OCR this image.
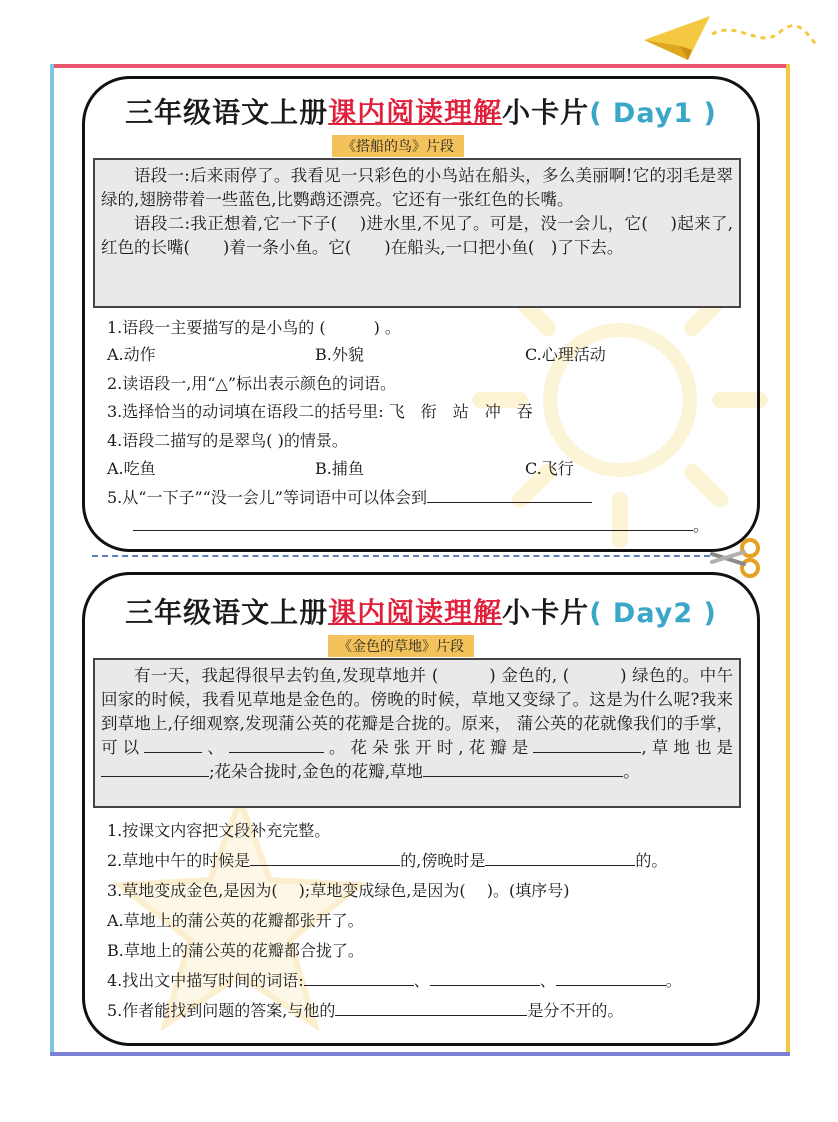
三年级语文上册课内阅读理解小卡片( Day1 )
《搭船的鸟》片段

语段一:后来雨停了。我看见一只彩色的小鸟站在船头，多么美丽啊!它的羽毛是翠绿的,翅膀带着一些蓝色,比鹦鹉还漂亮。它还有一张红色的长嘴。

语段二:我正想着,它一下子(　 )进水里,不见了。可是，没一会儿，它(　 )起来了,红色的长嘴(　　)着一条小鱼。它(　　)在船头,一口把小鱼(　)了下去。

1.语段一主要描写的是小鸟的 (　　　) 。
A.动作	B.外貌	C.心理活动
2.读语段一,用“△”标出表示颜色的词语。
3.选择恰当的动词填在语段二的括号里: 飞　衔　站　冲　吞
4.语段二描写的是翠鸟( )的情景。
A.吃鱼	B.捕鱼	C.飞行
5.从“一下子”“没一会儿”等词语中可以体会到
。
三年级语文上册课内阅读理解小卡片( Day2 )
《金色的草地》片段

有一天，我起得很早去钓鱼,发现草地并 (　　　) 金色的, (　　　) 绿色的。中午回家的时候，我看见草地是金色的。傍晚的时候，草地又变绿了。这是为什么呢?我来到草地上,仔细观察,发现蒲公英的花瓣是合拢的。原来， 蒲公英的花就像我们的手掌，可以	、	。花朵张开时,花瓣是	,草地也是;花朵合拢时,金色的花瓣,草地	。

1.按课文内容把文段补充完整。
2.草地中午的时候是	的,傍晚时是	的。
3.草地变成金色,是因为(　 );草地变成绿色,是因为(　 )。(填序号)
A.草地上的蒲公英的花瓣都张开了。
B.草地上的蒲公英的花瓣都合拢了。
4.找出文中描写时间的词语:	、	、	。
5.作者能找到问题的答案,与他的	是分不开的。
